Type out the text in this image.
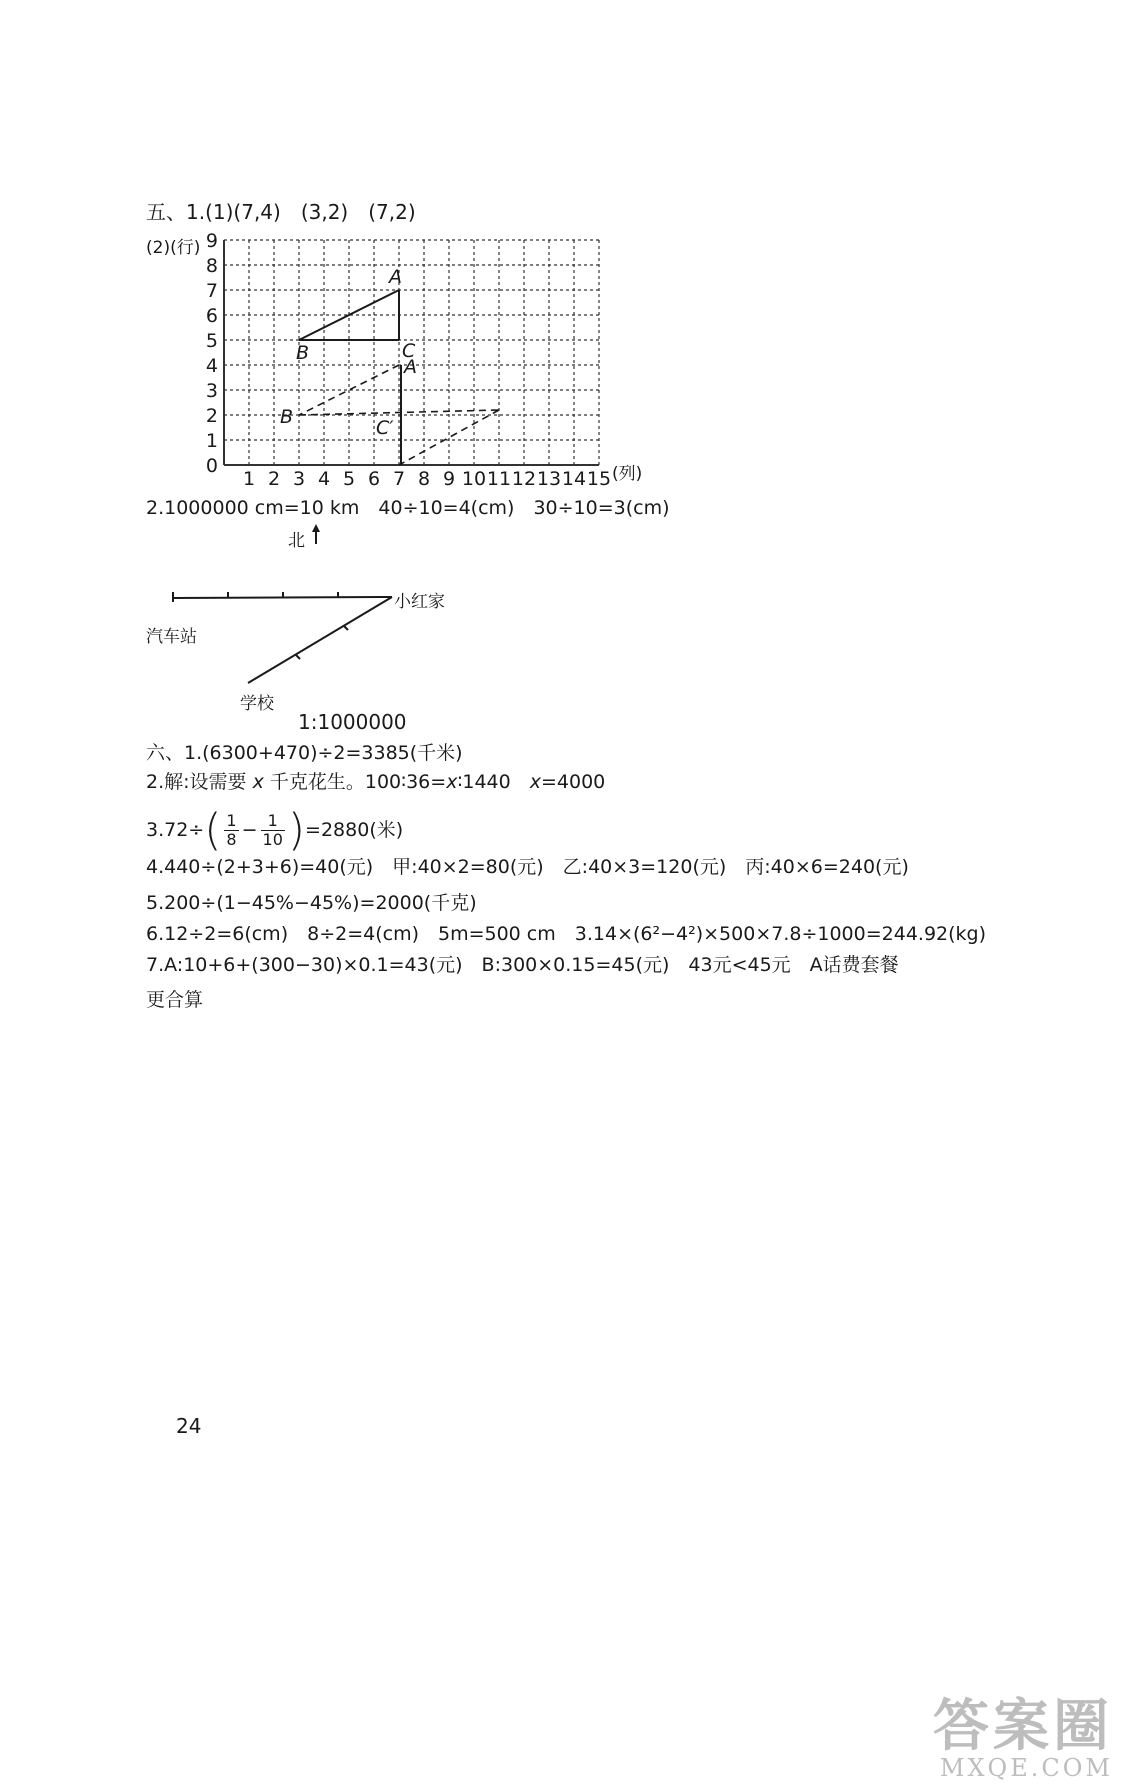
五、1.(1)(7,4)　(3,2)　(7,2)
(2)(行)
0
1
2
3
4
5
6
7
8
9
1 2 3 4 5 6 7 8 9 10 11 12 13 14 15
A
B	C
A
B	C′
(列)
2.1000000 cm=10 km　40÷10=4(cm)　30÷10=3(cm)
北
小红家
汽车站
学校
1:1000000
六、1.(6300+470)÷2=3385(千米)
2.解:设需要 x 千克花生。100∶36=x∶1440　x=4000
$3.72\div( \frac{1}{8} - \frac{1}{10} )=2880$(米)
4.440÷(2+3+6)=40(元)　甲:40×2=80(元)　乙:40×3=120(元)　丙:40×6=240(元)
5.200÷(1−45%−45%)=2000(千克)
6.12÷2=6(cm)　8÷2=4(cm)　5m=500 cm　3.14×(6²−4²)×500×7.8÷1000=244.92(kg)
7.A:10+6+(300−30)×0.1=43(元)　B:300×0.15=45(元)　43元<45元　A话费套餐
更合算
24
答案圈
MXQE.COM
